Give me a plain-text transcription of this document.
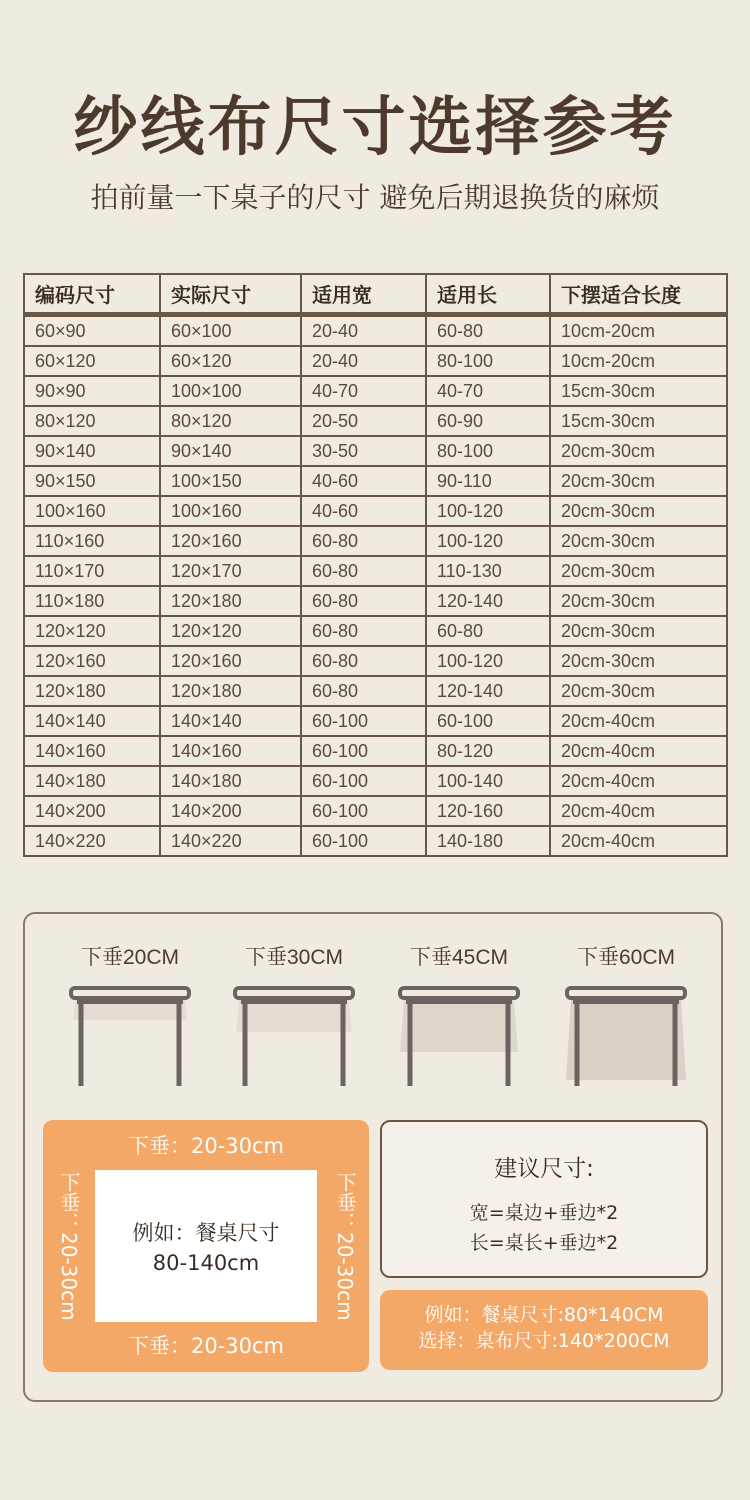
纱线布尺寸选择参考
拍前量一下桌子的尺寸 避免后期退换货的麻烦
编码尺寸	实际尺寸	适用宽	适用长	下摆适合长度
60×90	60×100	20-40	60-80	10cm-20cm
60×120	60×120	20-40	80-100	10cm-20cm
90×90	100×100	40-70	40-70	15cm-30cm
80×120	80×120	20-50	60-90	15cm-30cm
90×140	90×140	30-50	80-100	20cm-30cm
90×150	100×150	40-60	90-110	20cm-30cm
100×160	100×160	40-60	100-120	20cm-30cm
110×160	120×160	60-80	100-120	20cm-30cm
110×170	120×170	60-80	110-130	20cm-30cm
110×180	120×180	60-80	120-140	20cm-30cm
120×120	120×120	60-80	60-80	20cm-30cm
120×160	120×160	60-80	100-120	20cm-30cm
120×180	120×180	60-80	120-140	20cm-30cm
140×140	140×140	60-100	60-100	20cm-40cm
140×160	140×160	60-100	80-120	20cm-40cm
140×180	140×180	60-100	100-140	20cm-40cm
140×200	140×200	60-100	120-160	20cm-40cm
140×220	140×220	60-100	140-180	20cm-40cm
下垂20CM	下垂30CM	下垂45CM	下垂60CM
下垂：20-30cm
下垂：20-30cm	下垂：20-30cm
例如：餐桌尺寸
80-140cm
下垂：20-30cm
建议尺寸:
宽=桌边+垂边*2
长=桌长+垂边*2
例如：餐桌尺寸:80*140CM
选择：桌布尺寸:140*200CM
